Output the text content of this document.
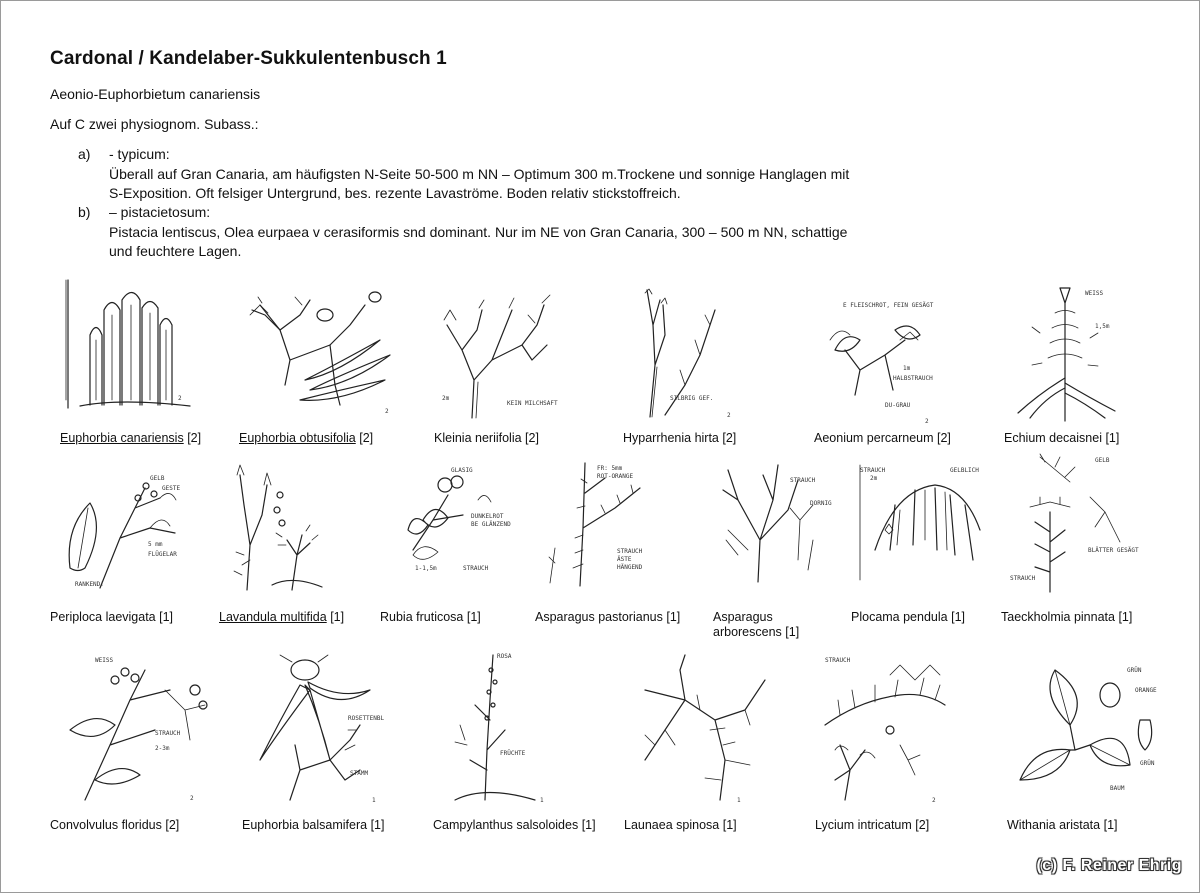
Cardonal / Kandelaber-Sukkulentenbusch 1
Aeonio-Euphorbietum canariensis
Auf C zwei physiognom. Subass.:
a)	- typicum:
Überall auf Gran Canaria, am häufigsten N-Seite 50-500 m NN – Optimum 300 m.Trockene und sonnige Hanglagen mit
S-Exposition. Oft felsiger Untergrund, bes. rezente Lavaströme. Boden relativ stickstoffreich.
b)	– pistacietosum:
Pistacia lentiscus, Olea eurpaea v cerasiformis snd dominant. Nur im NE von Gran Canaria, 300 – 500 m NN, schattige
und feuchtere Lagen.
2
Euphorbia canariensis [2]
2
Euphorbia obtusifolia [2]
2m
KEIN MILCHSAFT
Kleinia neriifolia [2]
SILBRIG GEF.
2
Hyparrhenia hirta [2]
E FLEISCHROT, FEIN GESÄGT
1m
HALBSTRAUCH
DU-GRAU
2
Aeonium percarneum [2]
WEISS
1,5m
Echium decaisnei [1]
GELB
GESTE
5 mm
FLÜGELAR
RANKEND!
Periploca laevigata [1]	Lavandula multifida [1]
GLASIG
DUNKELROT
BE GLÄNZEND
1-1,5m	STRAUCH
Rubia fruticosa [1]
FR: 5mm
ROT-ORANGE
STRAUCH
ÄSTE
HÄNGEND
Asparagus pastorianus [1]
STRAUCH
DORNIG
Asparagus arborescens [1]
STRAUCH
2m
GELBLICH
Plocama pendula [1]
GELB
STRAUCH
BLÄTTER GESÄGT
Taeckholmia pinnata [1]
WEISS
STRAUCH
2-3m
2
Convolvulus floridus [2]
ROSETTENBL
STAMM
1
Euphorbia balsamifera [1]
ROSA
FRÜCHTE
1
Campylanthus salsoloides [1]
1
Launaea spinosa [1]
STRAUCH
2
Lycium intricatum [2]
GRÜN
ORANGE
GRÜN
BAUM
Withania aristata [1]
(c) F. Reiner Ehrig
